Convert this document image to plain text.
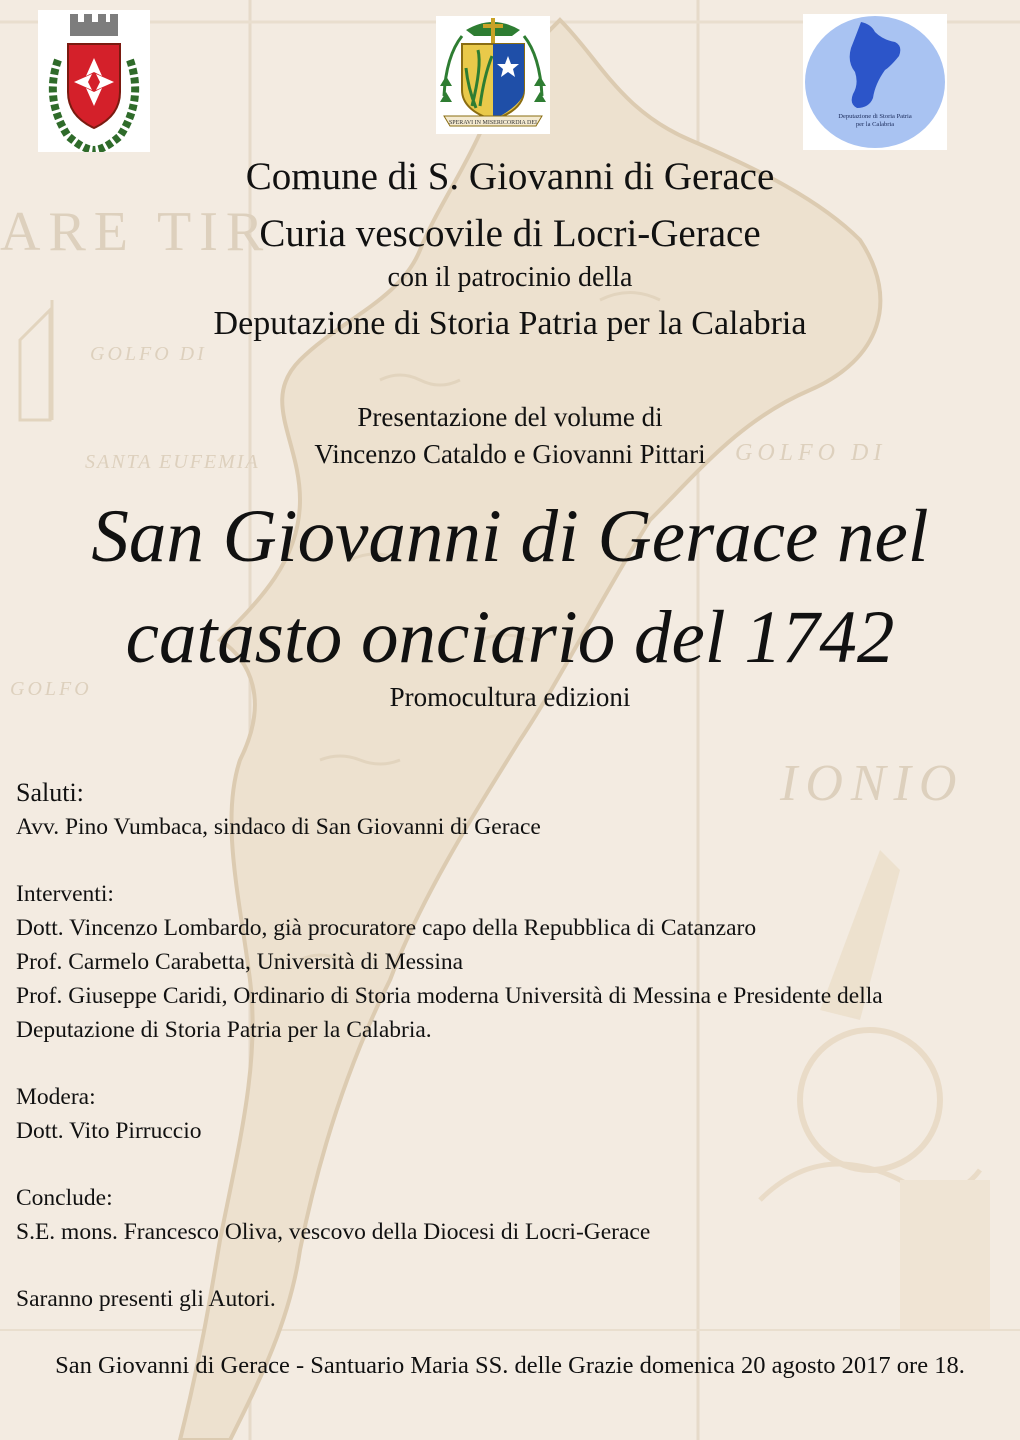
ARE TIR
GOLFO DI
SANTA EUFEMIA	GOLFO DI
IONIO
GOLFO
SPERAVI IN MISERICORDIA DEI
Deputazione di Storia Patria
per la Calabria
Comune di S. Giovanni di Gerace
Curia vescovile di Locri-Gerace
con il patrocinio della
Deputazione di Storia Patria per la Calabria
Presentazione del volume di
Vincenzo Cataldo e Giovanni Pittari
San Giovanni di Gerace nel
catasto onciario del 1742
Promocultura edizioni
Saluti:
Avv. Pino Vumbaca, sindaco di San Giovanni di Gerace
Interventi:
Dott. Vincenzo Lombardo, già procuratore capo della Repubblica di Catanzaro
Prof. Carmelo Carabetta, Università di Messina
Prof. Giuseppe Caridi, Ordinario di Storia moderna Università di Messina e Presidente della
Deputazione di Storia Patria per la Calabria.
Modera:
Dott. Vito Pirruccio
Conclude:
S.E. mons. Francesco Oliva, vescovo della Diocesi di Locri-Gerace
Saranno presenti gli Autori.
San Giovanni di Gerace - Santuario Maria SS. delle Grazie domenica 20 agosto 2017 ore 18.
